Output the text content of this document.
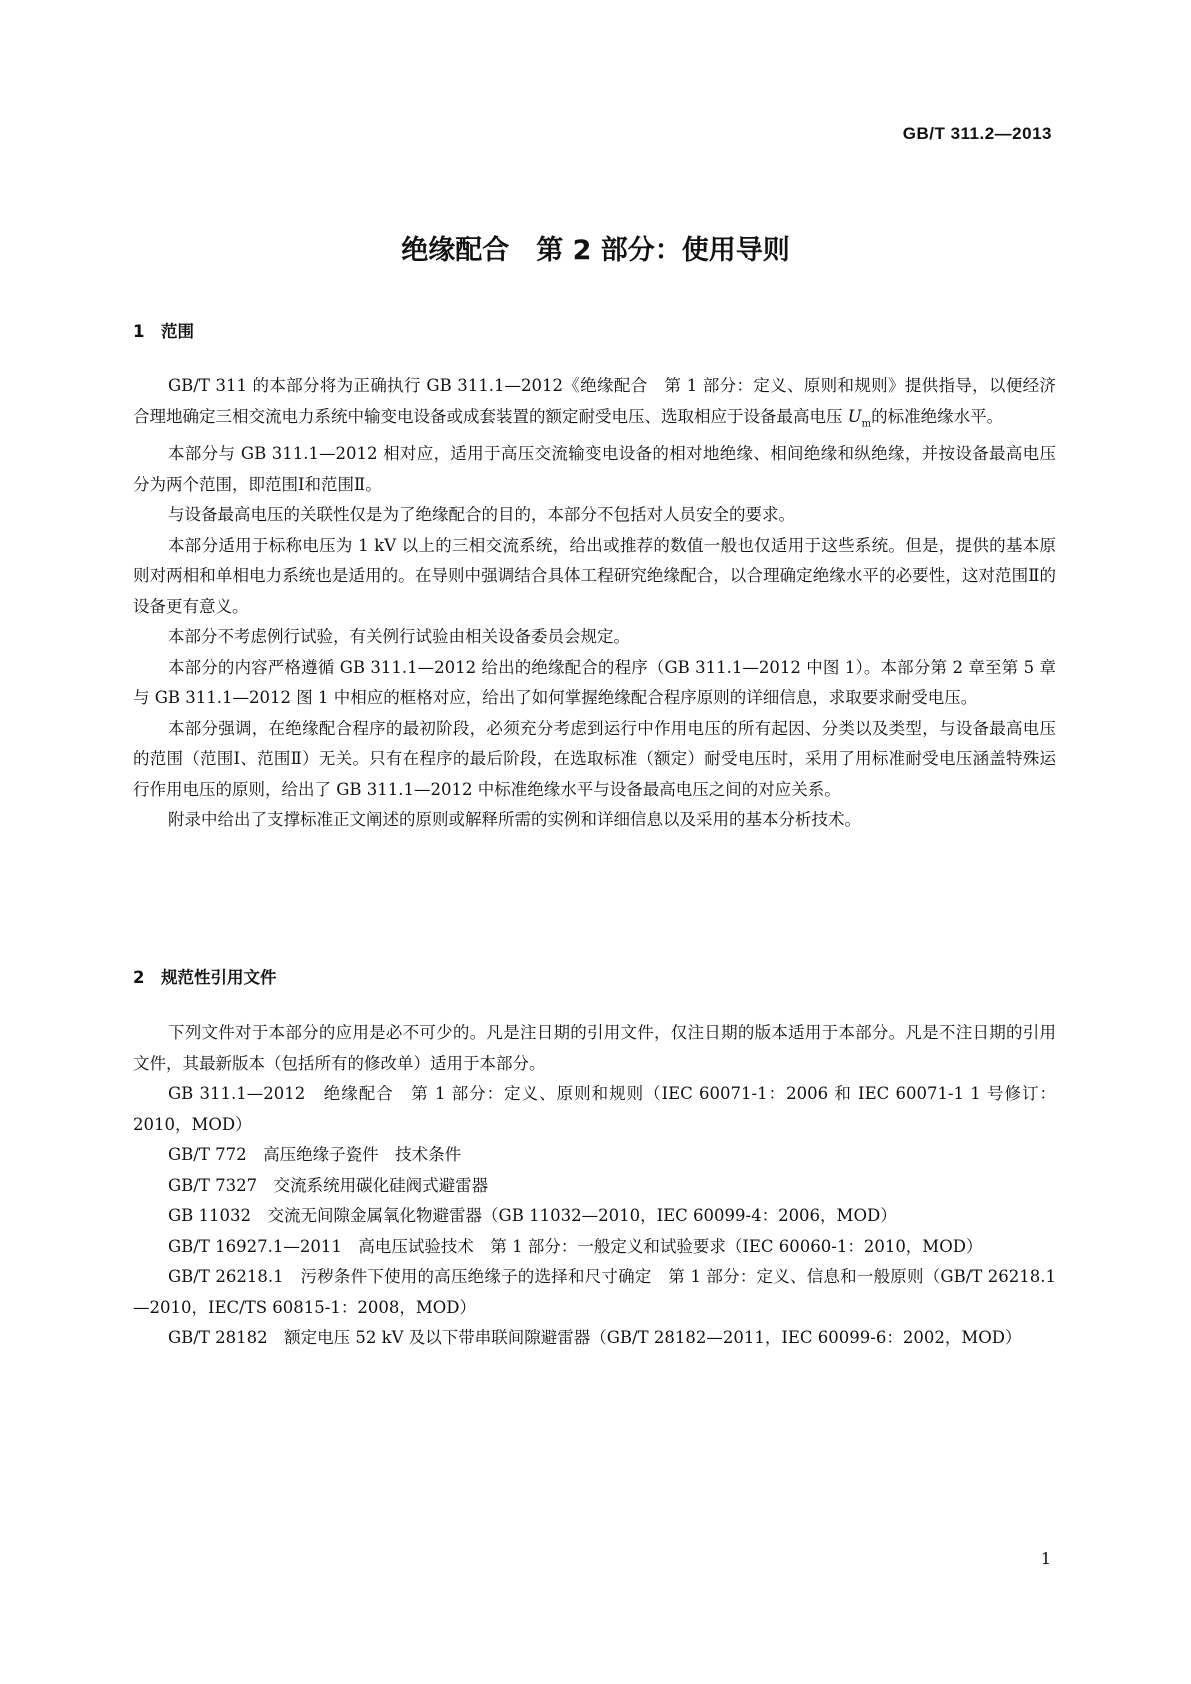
GB/T 311.2—2013
绝缘配合　第 2 部分：使用导则
1　范围

GB/T 311 的本部分将为正确执行 GB 311.1—2012《绝缘配合　第 1 部分：定义、原则和规则》提供指导，以便经济合理地确定三相交流电力系统中输变电设备或成套装置的额定耐受电压、选取相应于设备最高电压 $U_m$的标准绝缘水平。

本部分与 GB 311.1—2012 相对应，适用于高压交流输变电设备的相对地绝缘、相间绝缘和纵绝缘，并按设备最高电压分为两个范围，即范围Ⅰ和范围Ⅱ。

与设备最高电压的关联性仅是为了绝缘配合的目的，本部分不包括对人员安全的要求。

本部分适用于标称电压为 1 kV 以上的三相交流系统，给出或推荐的数值一般也仅适用于这些系统。但是，提供的基本原则对两相和单相电力系统也是适用的。在导则中强调结合具体工程研究绝缘配合，以合理确定绝缘水平的必要性，这对范围Ⅱ的设备更有意义。

本部分不考虑例行试验，有关例行试验由相关设备委员会规定。

本部分的内容严格遵循 GB 311.1—2012 给出的绝缘配合的程序（GB 311.1—2012 中图 1）。本部分第 2 章至第 5 章与 GB 311.1—2012 图 1 中相应的框格对应，给出了如何掌握绝缘配合程序原则的详细信息，求取要求耐受电压。

本部分强调，在绝缘配合程序的最初阶段，必须充分考虑到运行中作用电压的所有起因、分类以及类型，与设备最高电压的范围（范围Ⅰ、范围Ⅱ）无关。只有在程序的最后阶段，在选取标准（额定）耐受电压时，采用了用标准耐受电压涵盖特殊运行作用电压的原则，给出了 GB 311.1—2012 中标准绝缘水平与设备最高电压之间的对应关系。

附录中给出了支撑标准正文阐述的原则或解释所需的实例和详细信息以及采用的基本分析技术。

2　规范性引用文件

下列文件对于本部分的应用是必不可少的。凡是注日期的引用文件，仅注日期的版本适用于本部分。凡是不注日期的引用文件，其最新版本（包括所有的修改单）适用于本部分。

GB 311.1—2012　绝缘配合　第 1 部分：定义、原则和规则（IEC 60071-1：2006 和 IEC 60071-1 1 号修订：2010，MOD）

GB/T 772　高压绝缘子瓷件　技术条件

GB/T 7327　交流系统用碳化硅阀式避雷器

GB 11032　交流无间隙金属氧化物避雷器（GB 11032—2010，IEC 60099-4：2006，MOD）

GB/T 16927.1—2011　高电压试验技术　第 1 部分：一般定义和试验要求（IEC 60060-1：2010，MOD）

GB/T 26218.1　污秽条件下使用的高压绝缘子的选择和尺寸确定　第 1 部分：定义、信息和一般原则（GB/T 26218.1—2010，IEC/TS 60815-1：2008，MOD）

GB/T 28182　额定电压 52 kV 及以下带串联间隙避雷器（GB/T 28182—2011，IEC 60099-6：2002，MOD）

1
